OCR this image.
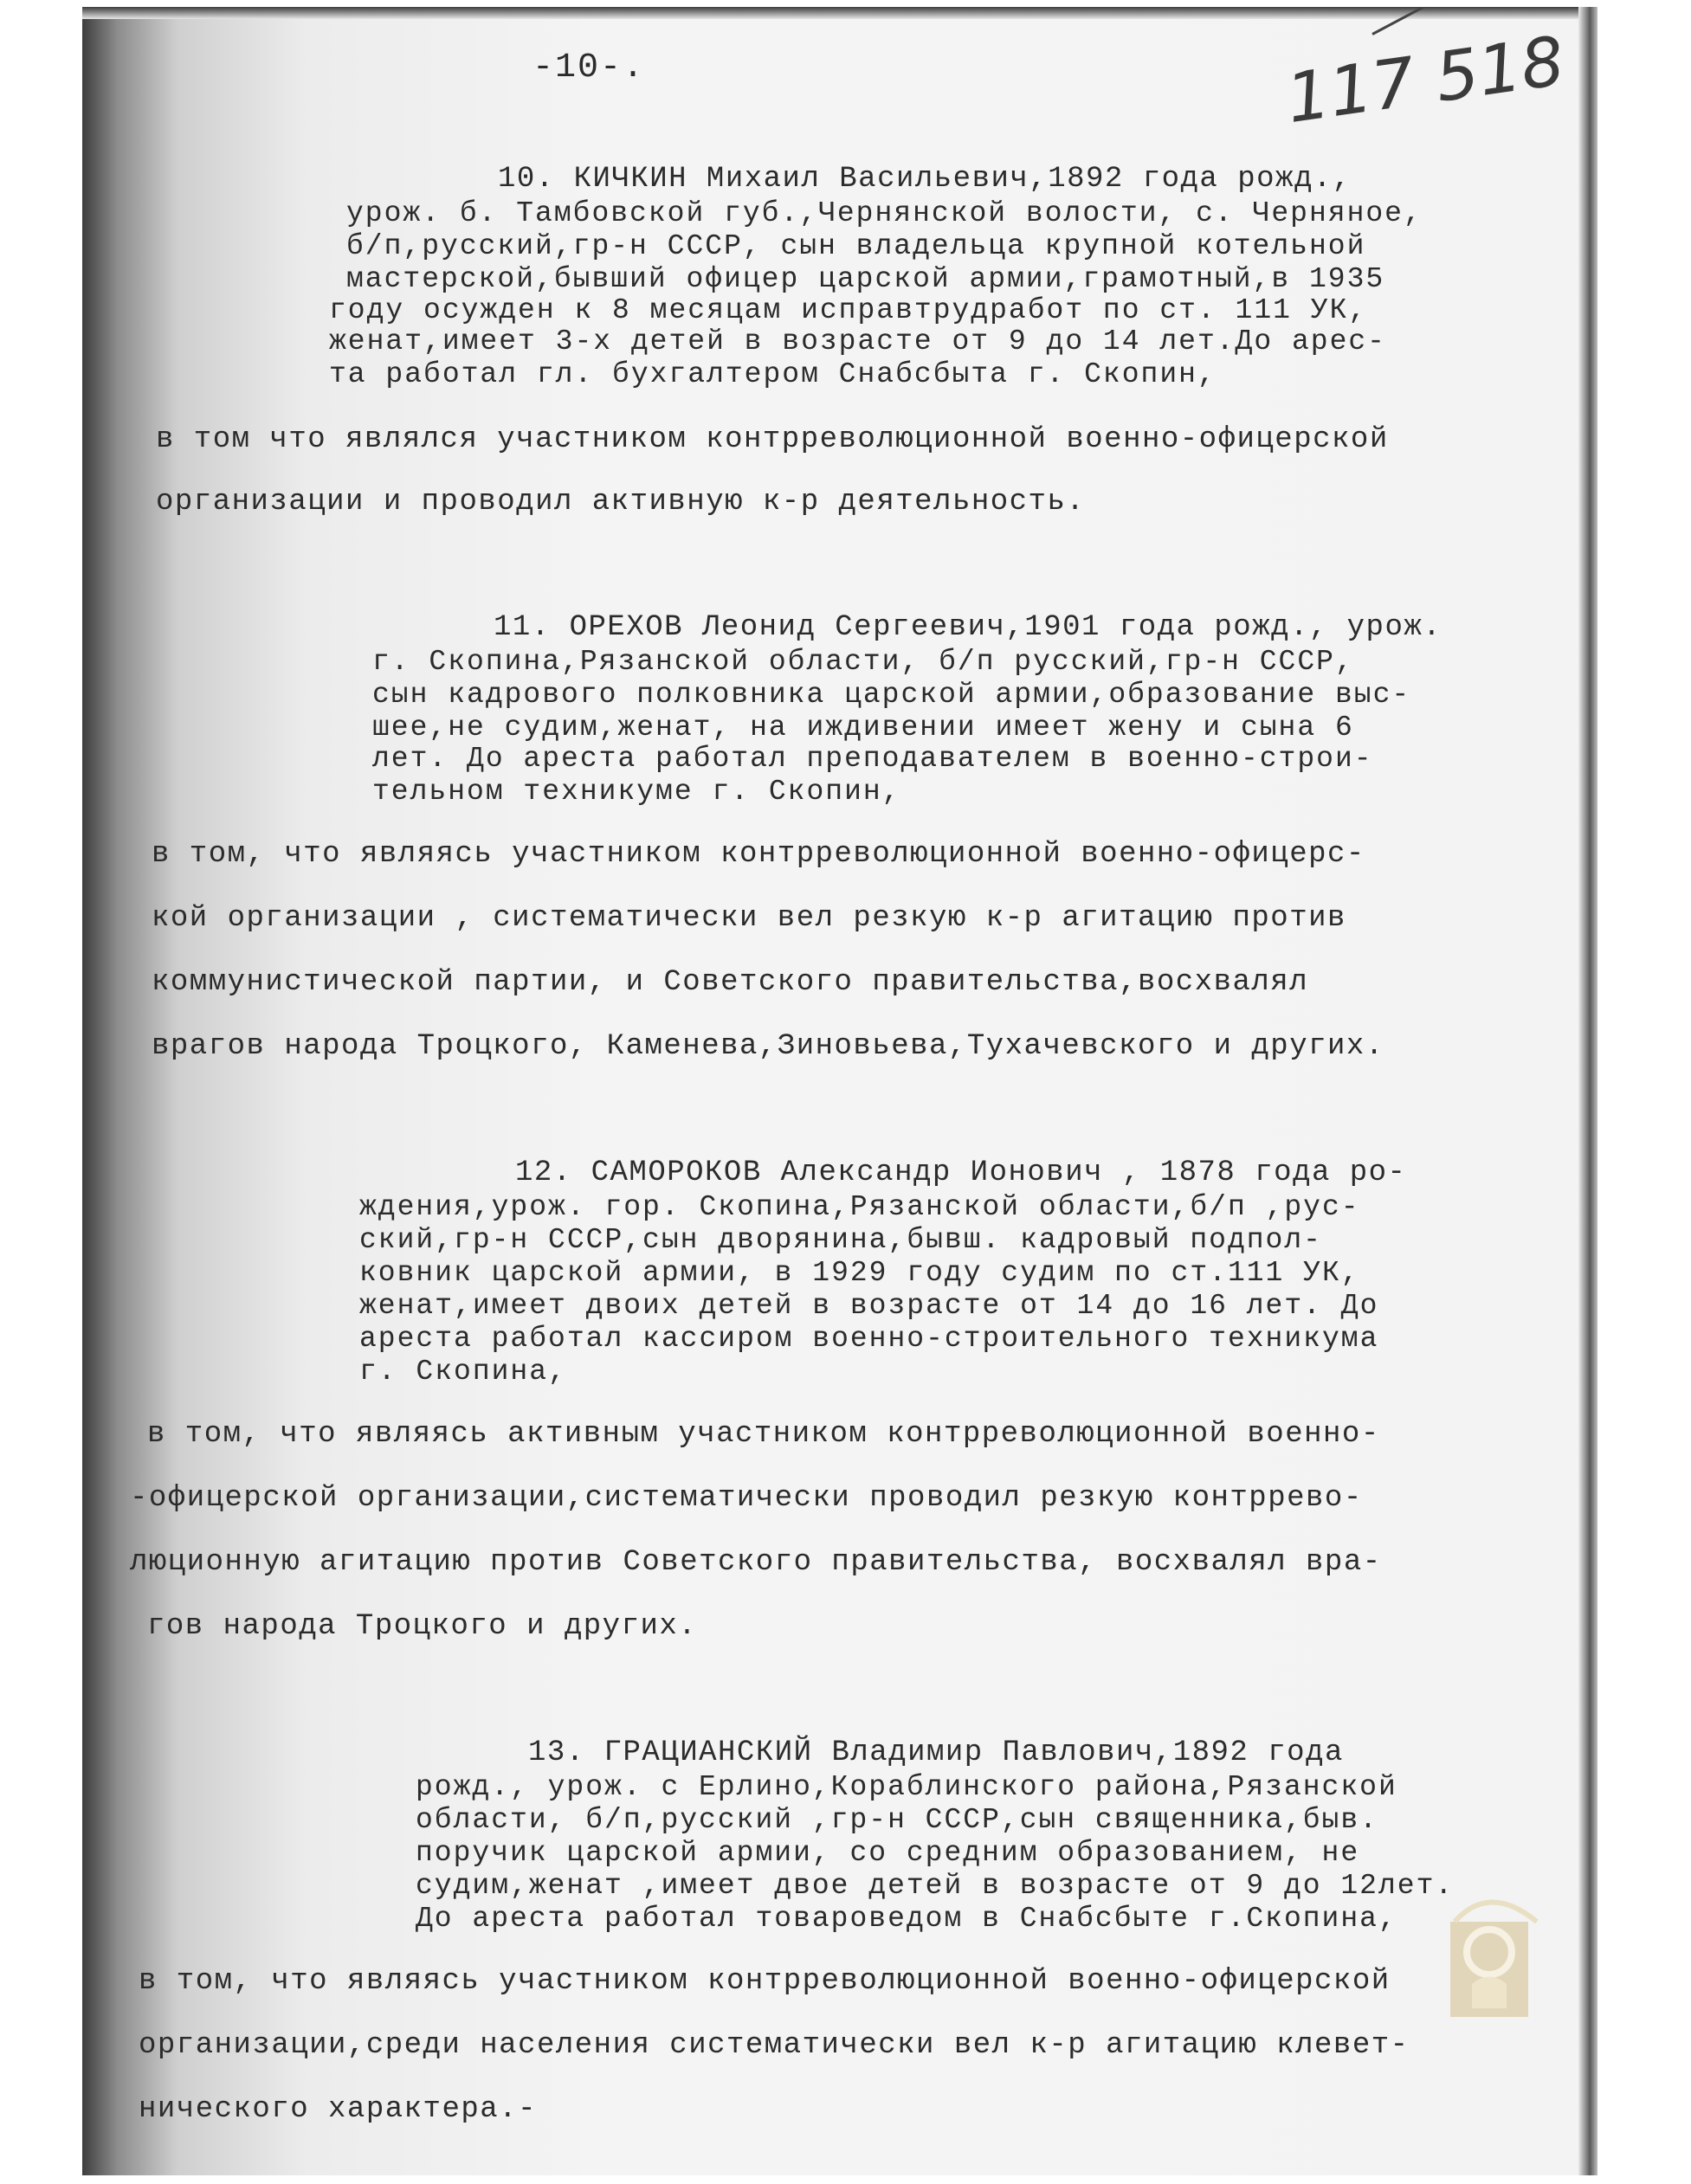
-10-.	117 518
10. КИЧКИН Михаил Васильевич,1892 года рожд.,
урож. б. Тамбовской губ.,Чернянской волости, с. Черняное,
б/п,русский,гр-н СССР, сын владельца крупной котельной
мастерской,бывший офицер царской армии,грамотный,в 1935
году осужден к 8 месяцам исправтрудработ по ст. 111 УК,
женат,имеет 3-х детей в возрасте от 9 до 14 лет.До арес-
та работал гл. бухгалтером Снабсбыта г. Скопин,
в том что являлся участником контрреволюционной военно-офицерской
организации и проводил активную к-р деятельность.
11. ОРЕХОВ Леонид Сергеевич,1901 года рожд., урож.
г. Скопина,Рязанской области, б/п русский,гр-н СССР,
сын кадрового полковника царской армии,образование выс-
шее,не судим,женат, на иждивении имеет жену и сына 6
лет. До ареста работал преподавателем в военно-строи-
тельном техникуме г. Скопин,
в том, что являясь участником контрреволюционной военно-офицерс-
кой организации , систематически вел резкую к-р агитацию против
коммунистической партии, и Советского правительства,восхвалял
врагов народа Троцкого, Каменева,Зиновьева,Тухачевского и других.
12. САМОРОКОВ Александр Ионович , 1878 года ро-
ждения,урож. гор. Скопина,Рязанской области,б/п ,рус-
ский,гр-н СССР,сын дворянина,бывш. кадровый подпол-
ковник царской армии, в 1929 году судим по ст.111 УК,
женат,имеет двоих детей в возрасте от 14 до 16 лет. До
ареста работал кассиром военно-строительного техникума
г. Скопина,
в том, что являясь активным участником контрреволюционной военно-
-офицерской организации,систематически проводил резкую контррево-
люционную агитацию против Советского правительства, восхвалял вра-
гов народа Троцкого и других.
13. ГРАЦИАНСКИЙ Владимир Павлович,1892 года
рожд., урож. с Ерлино,Кораблинского района,Рязанской
области, б/п,русский ,гр-н СССР,сын священника,быв.
поручик царской армии, со средним образованием, не
судим,женат ,имеет двое детей в возрасте от 9 до 12лет.
До ареста работал товароведом в Снабсбыте г.Скопина,
в том, что являясь участником контрреволюционной военно-офицерской
организации,среди населения систематически вел к-р агитацию клевет-
нического характера.-
